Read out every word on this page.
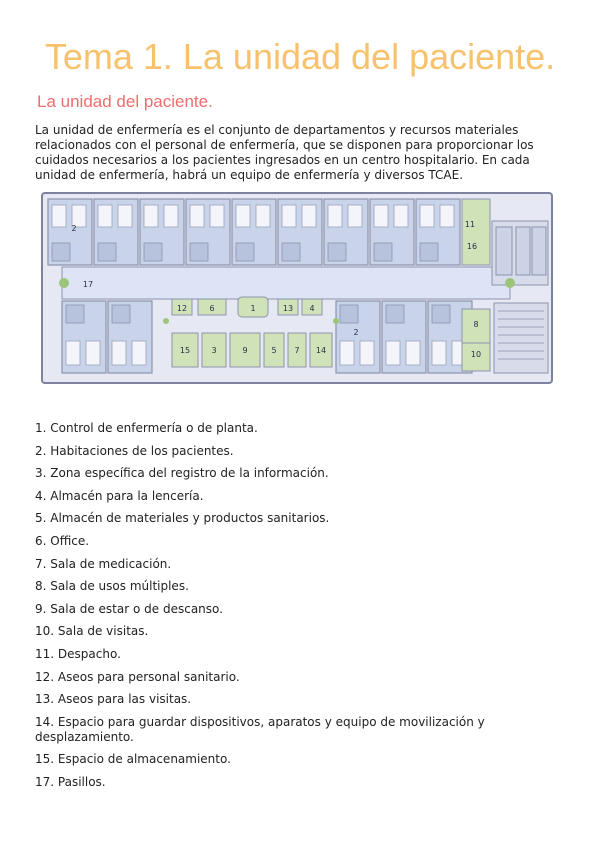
Tema 1. La unidad del paciente.
La unidad del paciente.

La unidad de enfermería es el conjunto de departamentos y recursos materiales relacionados con el personal de enfermería, que se disponen para proporcionar los cuidados necesarios a los pacientes ingresados en un centro hospitalario. En cada unidad de enfermería, habrá un equipo de enfermería y diversos TCAE.

11
16
17
2
12	6	1	13 4
8
15	3	9	5 7 14
2
10
1. Control de enfermería o de planta.
2. Habitaciones de los pacientes.
3. Zona específica del registro de la información.
4. Almacén para la lencería.
5. Almacén de materiales y productos sanitarios.
6. Office.
7. Sala de medicación.
8. Sala de usos múltiples.
9. Sala de estar o de descanso.
10. Sala de visitas.
11. Despacho.
12. Aseos para personal sanitario.
13. Aseos para las visitas.
14. Espacio para guardar dispositivos, aparatos y equipo de movilización y desplazamiento.
15. Espacio de almacenamiento.
17. Pasillos.
